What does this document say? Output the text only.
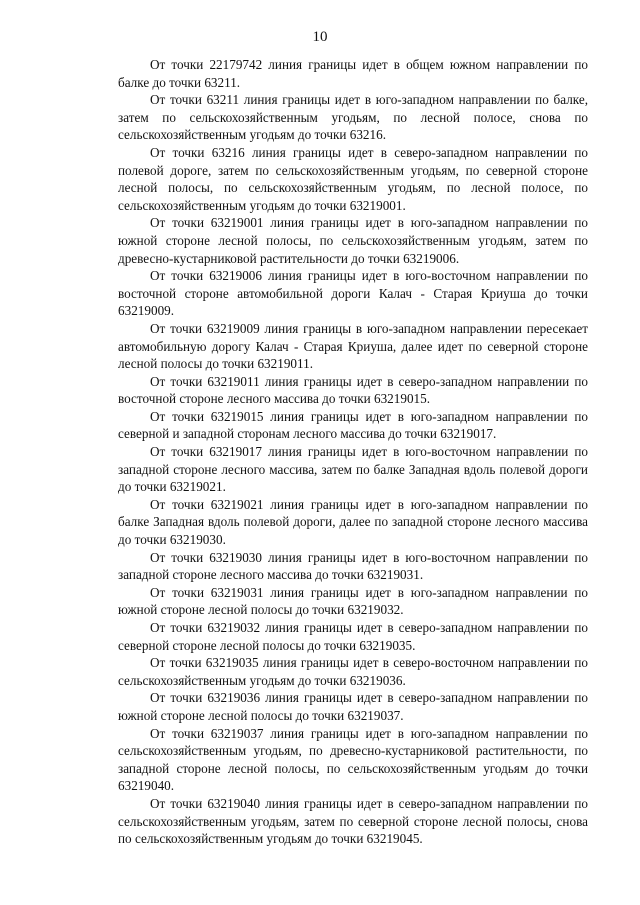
10

От точки 22179742 линия границы идет в общем южном направлении по балке до точки 63211.

От точки 63211 линия границы идет в юго-западном направлении по балке, затем по сельскохозяйственным угодьям, по лесной полосе, снова по сельскохозяйственным угодьям до точки 63216.

От точки 63216 линия границы идет в северо-западном направлении по полевой дороге, затем по сельскохозяйственным угодьям, по северной стороне лесной полосы, по сельскохозяйственным угодьям, по лесной полосе, по сельскохозяйственным угодьям до точки 63219001.

От точки 63219001 линия границы идет в юго-западном направлении по южной стороне лесной полосы, по сельскохозяйственным угодьям, затем по древесно-кустарниковой растительности до точки 63219006.

От точки 63219006 линия границы идет в юго-восточном направлении по восточной стороне автомобильной дороги Калач - Старая Криуша до точки 63219009.

От точки 63219009 линия границы в юго-западном направлении пересекает автомобильную дорогу Калач - Старая Криуша, далее идет по северной стороне лесной полосы до точки 63219011.

От точки 63219011 линия границы идет в северо-западном направлении по восточной стороне лесного массива до точки 63219015.

От точки 63219015 линия границы идет в юго-западном направлении по северной и западной сторонам лесного массива до точки 63219017.

От точки 63219017 линия границы идет в юго-восточном направлении по западной стороне лесного массива, затем по балке Западная вдоль полевой дороги до точки 63219021.

От точки 63219021 линия границы идет в юго-западном направлении по балке Западная вдоль полевой дороги, далее по западной стороне лесного массива до точки 63219030.

От точки 63219030 линия границы идет в юго-восточном направлении по западной стороне лесного массива до точки 63219031.

От точки 63219031 линия границы идет в юго-западном направлении по южной стороне лесной полосы до точки 63219032.

От точки 63219032 линия границы идет в северо-западном направлении по северной стороне лесной полосы до точки 63219035.

От точки 63219035 линия границы идет в северо-восточном направлении по сельскохозяйственным угодьям до точки 63219036.

От точки 63219036 линия границы идет в северо-западном направлении по южной стороне лесной полосы до точки 63219037.

От точки 63219037 линия границы идет в юго-западном направлении по сельскохозяйственным угодьям, по древесно-кустарниковой растительности, по западной стороне лесной полосы, по сельскохозяйственным угодьям до точки 63219040.

От точки 63219040 линия границы идет в северо-западном направлении по сельскохозяйственным угодьям, затем по северной стороне лесной полосы, снова по сельскохозяйственным угодьям до точки 63219045.
